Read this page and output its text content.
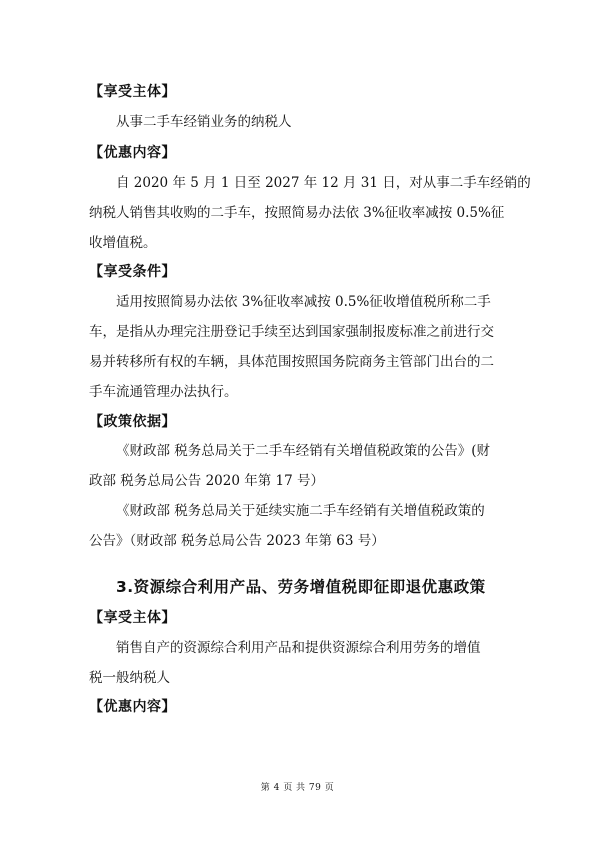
【享受主体】
从事二手车经销业务的纳税人
【优惠内容】
自 2020 年 5 月 1 日至 2027 年 12 月 31 日，对从事二手车经销的
纳税人销售其收购的二手车，按照简易办法依 3%征收率减按 0.5%征
收增值税。
【享受条件】
适用按照简易办法依 3%征收率减按 0.5%征收增值税所称二手
车，是指从办理完注册登记手续至达到国家强制报废标准之前进行交
易并转移所有权的车辆，具体范围按照国务院商务主管部门出台的二
手车流通管理办法执行。
【政策依据】
《财政部 税务总局关于二手车经销有关增值税政策的公告》(财
政部 税务总局公告 2020 年第 17 号）
《财政部 税务总局关于延续实施二手车经销有关增值税政策的
公告》（财政部 税务总局公告 2023 年第 63 号）
3.资源综合利用产品、劳务增值税即征即退优惠政策
【享受主体】
销售自产的资源综合利用产品和提供资源综合利用劳务的增值
税一般纳税人
【优惠内容】
第 4 页 共 79 页
